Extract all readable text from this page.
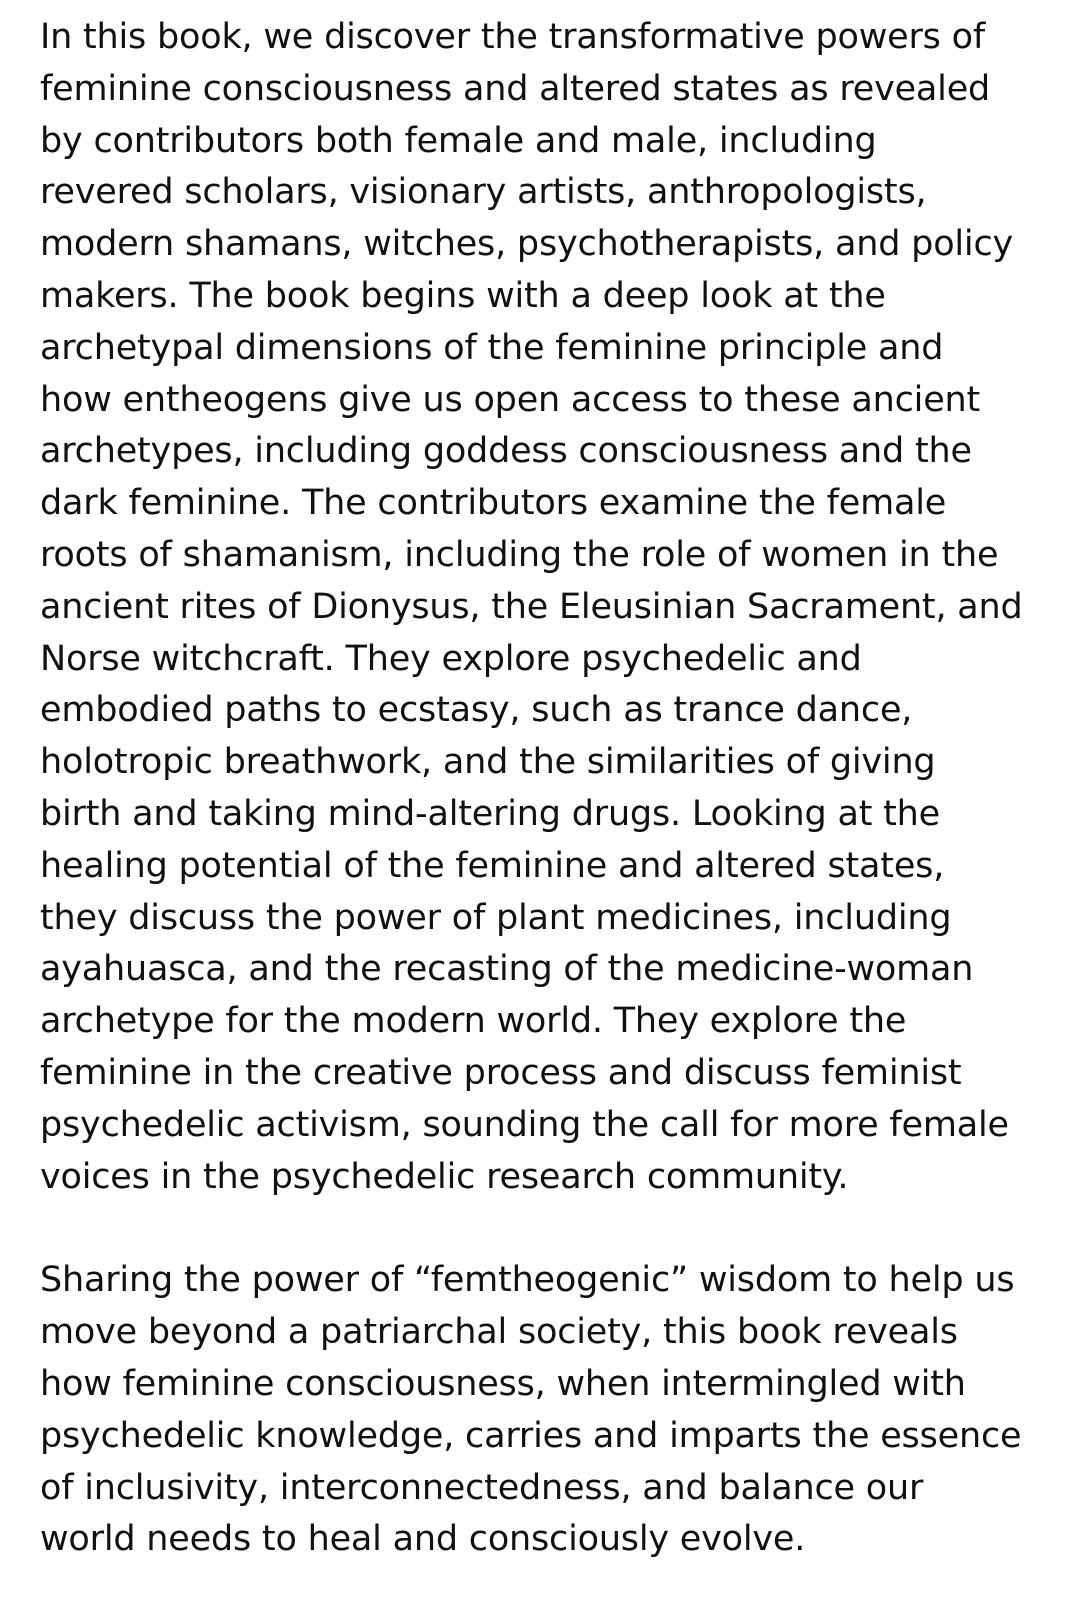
In this book, we discover the transformative powers of
feminine consciousness and altered states as revealed
by contributors both female and male, including
revered scholars, visionary artists, anthropologists,
modern shamans, witches, psychotherapists, and policy
makers. The book begins with a deep look at the
archetypal dimensions of the feminine principle and
how entheogens give us open access to these ancient
archetypes, including goddess consciousness and the
dark feminine. The contributors examine the female
roots of shamanism, including the role of women in the
ancient rites of Dionysus, the Eleusinian Sacrament, and
Norse witchcraft. They explore psychedelic and
embodied paths to ecstasy, such as trance dance,
holotropic breathwork, and the similarities of giving
birth and taking mind-altering drugs. Looking at the
healing potential of the feminine and altered states,
they discuss the power of plant medicines, including
ayahuasca, and the recasting of the medicine-woman
archetype for the modern world. They explore the
feminine in the creative process and discuss feminist
psychedelic activism, sounding the call for more female
voices in the psychedelic research community.

Sharing the power of “femtheogenic” wisdom to help us
move beyond a patriarchal society, this book reveals
how feminine consciousness, when intermingled with
psychedelic knowledge, carries and imparts the essence
of inclusivity, interconnectedness, and balance our
world needs to heal and consciously evolve.
